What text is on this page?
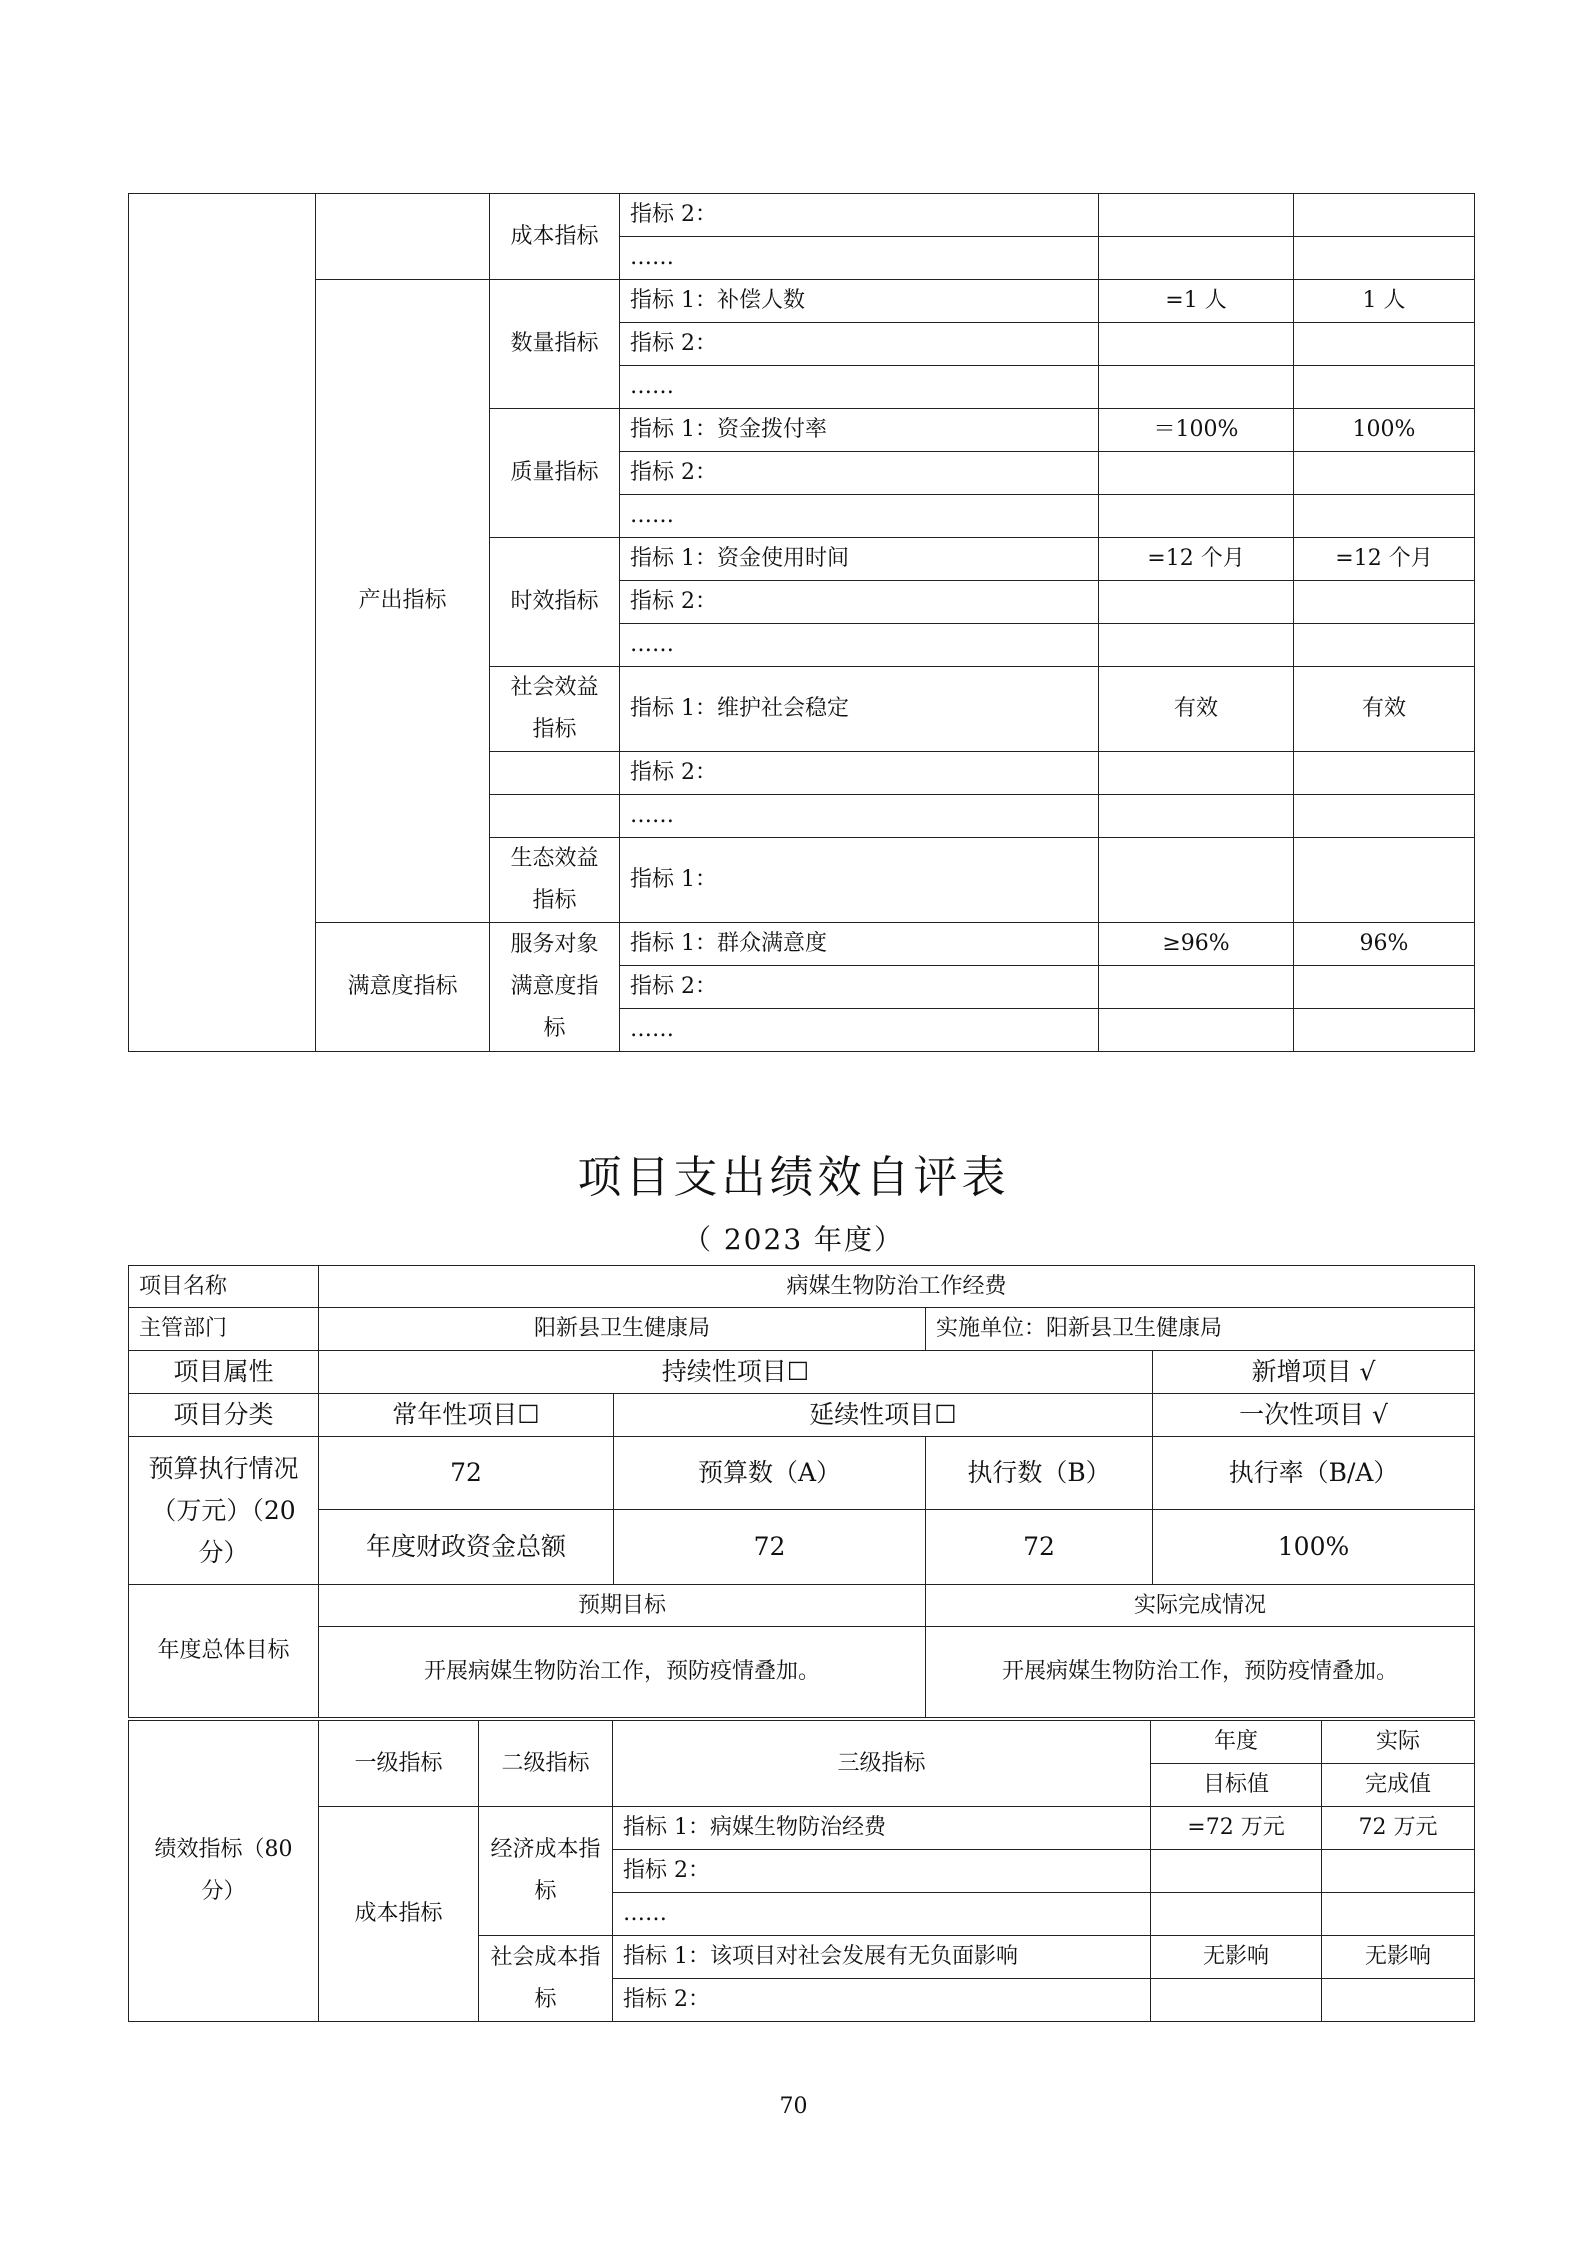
		成本指标	指标 2：		
			……		
	产出指标	数量指标	指标 1：补偿人数	=1 人	1 人
			指标 2：		
			……		
		质量指标	指标 1：资金拨付率	＝100%	100%
			指标 2：		
			……		
		时效指标	指标 1：资金使用时间	=12 个月	=12 个月
			指标 2：		
			……		
		社会效益指标	指标 1：维护社会稳定	有效	有效
			指标 2：		
			……		
		生态效益指标	指标 1：		
	满意度指标	服务对象满意度指标	指标 1：群众满意度	≥96%	96%
			指标 2：		
			……		
项目支出绩效自评表
（ 2023 年度）
项目名称	病媒生物防治工作经费			
主管部门	阳新县卫生健康局		实施单位：阳新县卫生健康局	
项目属性	持续性项目☐			新增项目 √
项目分类	常年性项目☐	延续性项目☐		一次性项目 √
预算执行情况（万元）（20 分）	72	预算数（A）	执行数（B）	执行率（B/A）
	年度财政资金总额	72	72	100%
年度总体目标	预期目标		实际完成情况	
	开展病媒生物防治工作，预防疫情叠加。		开展病媒生物防治工作，预防疫情叠加。	
绩效指标（80 分）	一级指标	二级指标	三级指标	年度	实际
				目标值	完成值
	成本指标	经济成本指标	指标 1：病媒生物防治经费	=72 万元	72 万元
			指标 2：		
			……		
		社会成本指标	指标 1：该项目对社会发展有无负面影响	无影响	无影响
			指标 2：		
70
